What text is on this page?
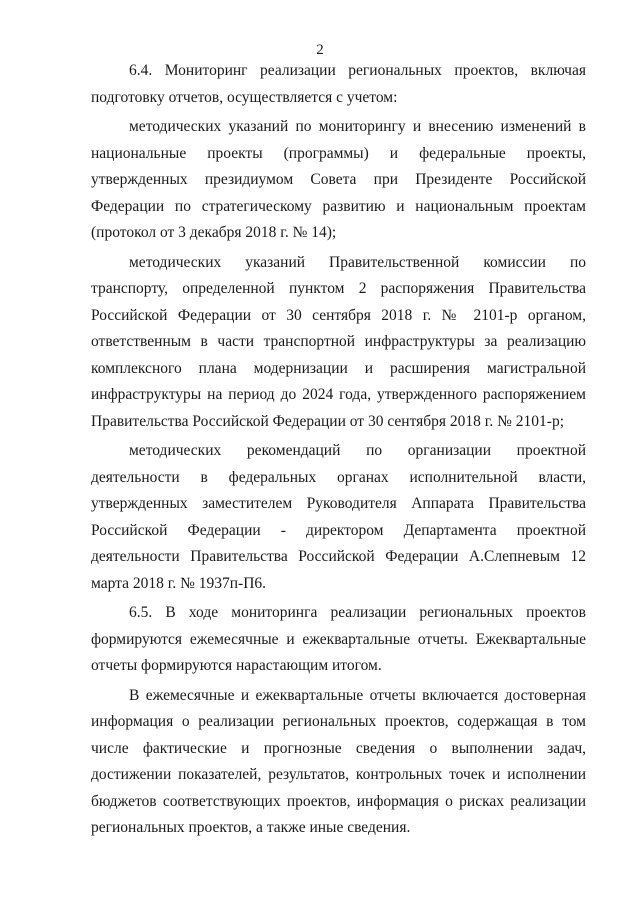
2

6.4. Мониторинг реализации региональных проектов, включая подготовку отчетов, осуществляется с учетом:

методических указаний по мониторингу и внесению изменений в национальные проекты (программы) и федеральные проекты, утвержденных президиумом Совета при Президенте Российской Федерации по стратегическому развитию и национальным проектам (протокол от 3 декабря 2018 г. № 14);

методических указаний Правительственной комиссии по транспорту, определенной пунктом 2 распоряжения Правительства Российской Федерации от 30 сентября 2018 г. № 2101-р органом, ответственным в части транспортной инфраструктуры за реализацию комплексного плана модернизации и расширения магистральной инфраструктуры на период до 2024 года, утвержденного распоряжением Правительства Российской Федерации от 30 сентября 2018 г. № 2101-р;

методических рекомендаций по организации проектной деятельности в федеральных органах исполнительной власти, утвержденных заместителем Руководителя Аппарата Правительства Российской Федерации - директором Департамента проектной деятельности Правительства Российской Федерации А.Слепневым 12 марта 2018 г. № 1937п-П6.

6.5. В ходе мониторинга реализации региональных проектов формируются ежемесячные и ежеквартальные отчеты. Ежеквартальные отчеты формируются нарастающим итогом.

В ежемесячные и ежеквартальные отчеты включается достоверная информация о реализации региональных проектов, содержащая в том числе фактические и прогнозные сведения о выполнении задач, достижении показателей, результатов, контрольных точек и исполнении бюджетов соответствующих проектов, информация о рисках реализации региональных проектов, а также иные сведения.
